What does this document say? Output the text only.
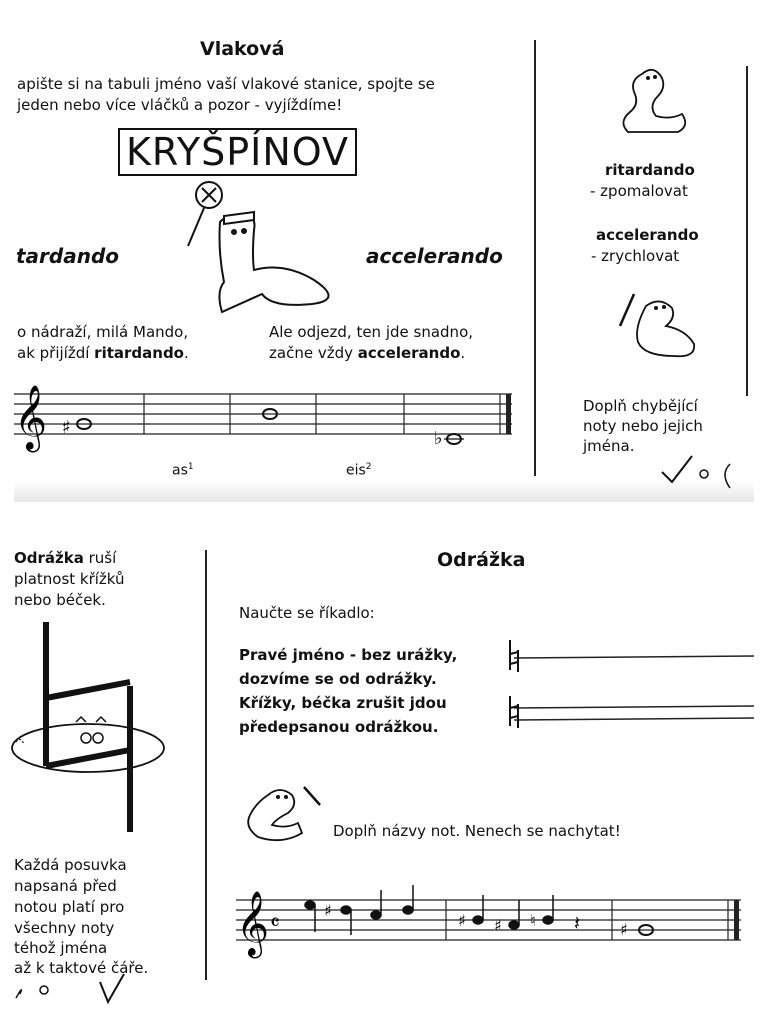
Vlaková
apište si na tabuli jméno vaší vlakové stanice, spojte se
jeden nebo více vláčků a pozor - vyjíždíme!
KRYŠPÍNOV
tardando	accelerando
o nádraží, milá Mando,
ak přijíždí ritardando.
Ale odjezd, ten jde snadno,
začne vždy accelerando.
𝄞 ♯
♭
$as^1$	eis$^2$
ritardando
- zpomalovat
accelerando
- zrychlovat
Doplň chybějící
noty nebo jejich
jména.
Odrážka ruší
platnost křížků
nebo béček.
Každá posuvka
napsaná před
notou platí pro
všechny noty
téhož jména
až k taktové čáře.
Odrážka
Naučte se říkadlo:
Pravé jméno - bez urážky,
dozvíme se od odrážky.
Křížky, béčka zrušit jdou
předepsanou odrážkou.
Doplň názvy not. Nenech se nachytat!
𝄞 𝄴
♯
♯ ♯ ♮ 𝄽 ♯
